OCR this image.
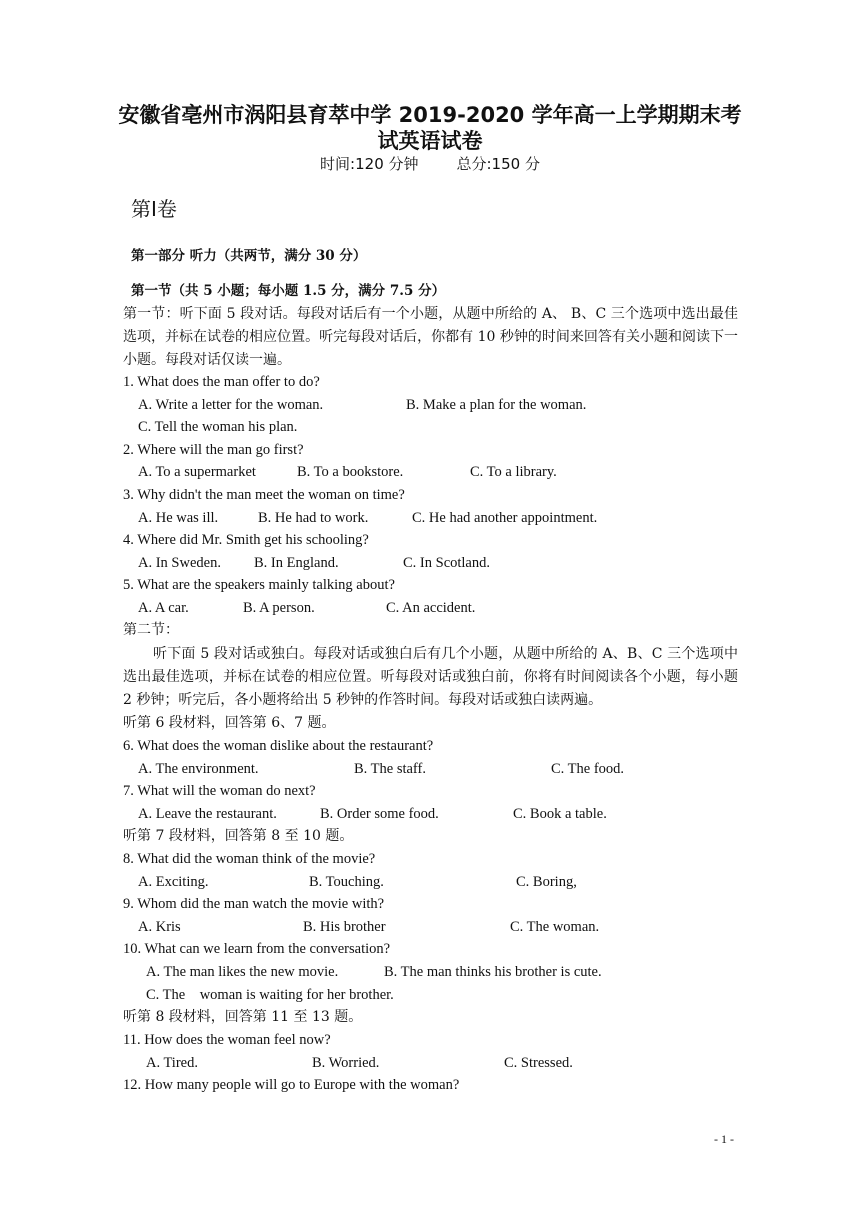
安徽省亳州市涡阳县育萃中学 2019-2020 学年高一上学期期末考
试英语试卷
时间:120 分钟	总分:150 分
第Ⅰ卷
第一部分 听力（共两节，满分 30 分）
第一节（共 5 小题；每小题 1.5 分，满分 7.5 分）
第一节：听下面 5 段对话。每段对话后有一个小题，从题中所给的 A、 B、C 三个选项中选出最佳选项，并标在试卷的相应位置。听完每段对话后，你都有 10 秒钟的时间来回答有关小题和阅读下一小题。每段对话仅读一遍。
1. What does the man offer to do?
A. Write a letter for the woman.	B. Make a plan for the woman.
C. Tell the woman his plan.
2. Where will the man go first?
A. To a supermarket	B. To a bookstore.	C. To a library.
3. Why didn't the man meet the woman on time?
A. He was ill.	B. He had to work.	C. He had another appointment.
4. Where did Mr. Smith get his schooling?
A. In Sweden. B. In England.	C. In Scotland.
5. What are the speakers mainly talking about?
A. A car.	B. A person.	C. An accident.
第二节：
听下面 5 段对话或独白。每段对话或独白后有几个小题，从题中所给的 A、B、C 三个选项中选出最佳选项，并标在试卷的相应位置。听每段对话或独白前，你将有时间阅读各个小题，每小题 2 秒钟；听完后，各小题将给出 5 秒钟的作答时间。每段对话或独白读两遍。
听第 6 段材料，回答第 6、7 题。
6. What does the woman dislike about the restaurant?
A. The environment.	B. The staff.	C. The food.
7. What will the woman do next?
A. Leave the restaurant.	B. Order some food.	C. Book a table.
听第 7 段材料，回答第 8 至 10 题。
8. What did the woman think of the movie?
A. Exciting.	B. Touching.	C. Boring,
9. Whom did the man watch the movie with?
A. Kris	B. His brother	C. The woman.
10. What can we learn from the conversation?
A. The man likes the new movie.	B. The man thinks his brother is cute.
C. The    woman is waiting for her brother.
听第 8 段材料，回答第 11 至 13 题。
11. How does the woman feel now?
A. Tired.	B. Worried.	C. Stressed.
12. How many people will go to Europe with the woman?
- 1 -
